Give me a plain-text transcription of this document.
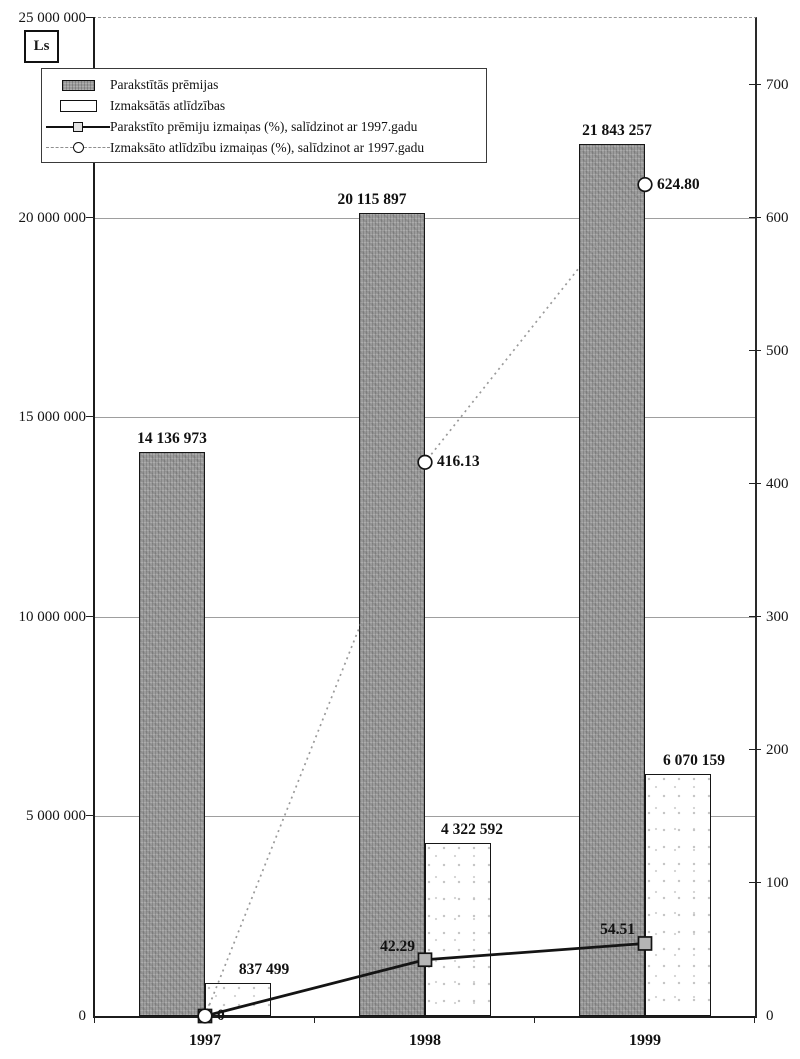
Ls
25 000 000
20 000 000
15 000 000
10 000 000
5 000 000
0
700
600
500
400
300
200
100
0
1997	1998	1999
14 136 973
20 115 897
21 843 257
837 499
4 322 592
6 070 159
42.29
54.51
0
416.13
624.80
Parakstītās prēmijas
Izmaksātās atlīdzības
Parakstīto prēmiju izmaiņas (%), salīdzinot ar 1997.gadu
Izmaksāto atlīdzību izmaiņas (%), salīdzinot ar 1997.gadu
